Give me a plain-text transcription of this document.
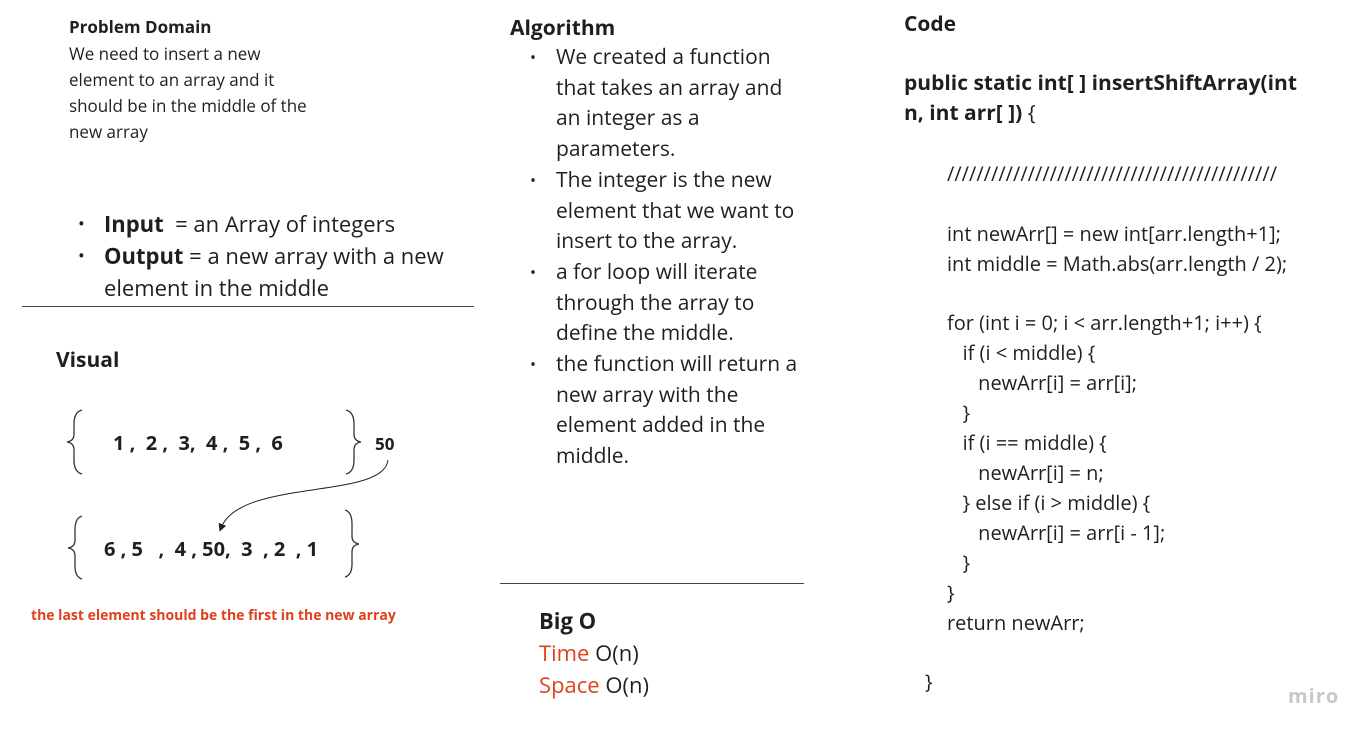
Problem Domain
We need to insert a new element to an array and it should be in the middle of the new array
• Input  = an Array of integers
• Output = a new array with a new element in the middle
Visual
1 ,  2 ,  3,  4 ,  5 ,  6	50
6 , 5   ,  4 , 50,  3  , 2  , 1
the last element should be the first in the new array
Algorithm
• We created a function that takes an array and an integer as a parameters.
• The integer is the new element that we want to insert to the array.
• a for loop will iterate through the array to define the middle.
• the function will return a new array with the element added in the middle.
Big O
Time O(n)
Space O(n)
Code
public static int[ ] insertShiftArray(int n, int arr[ ]) {
/////////////////////////////////////////////
int newArr[] = new int[arr.length+1];
int middle = Math.abs(arr.length / 2);
for (int i = 0; i < arr.length+1; i++) {
if (i < middle) {
newArr[i] = arr[i];
}
if (i == middle) {
newArr[i] = n;
} else if (i > middle) {
newArr[i] = arr[i - 1];
}
}
return newArr;
}
miro
